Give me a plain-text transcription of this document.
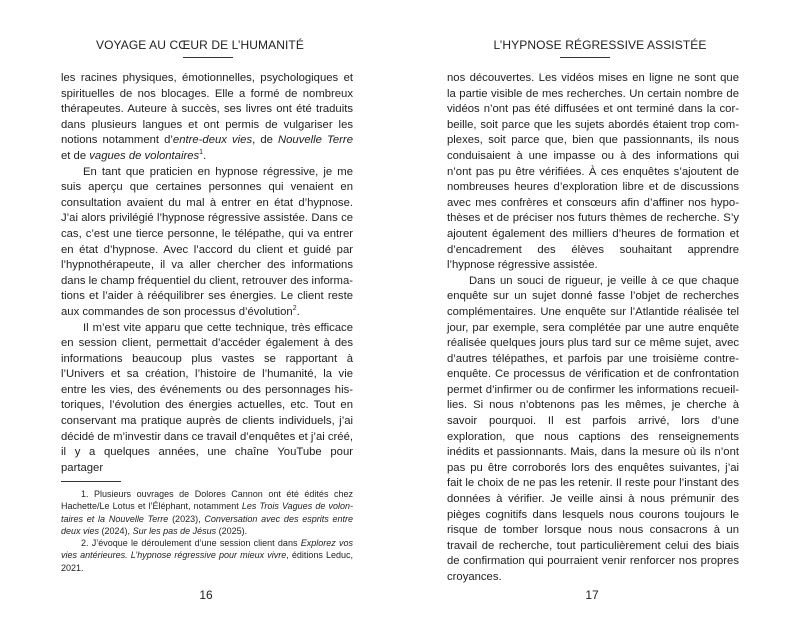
VOYAGE AU CŒUR DE L’HUMANITÉ

les racines physiques, émotionnelles, psychologiques et spirituelles de nos blocages. Elle a formé de nombreux thérapeutes. Auteure à succès, ses livres ont été traduits dans plusieurs langues et ont permis de vulgariser les notions notamment d’entre-deux vies, de Nouvelle Terre et de vagues de volontaires$^1$.

En tant que praticien en hypnose régressive, je me suis aperçu que certaines personnes qui venaient en consultation avaient du mal à entrer en état d’hypnose. J’ai alors privilégié l’hypnose régressive assistée. Dans ce cas, c’est une tierce personne, le télépathe, qui va entrer en état d’hypnose. Avec l’accord du client et guidé par l’hypnothérapeute, il va aller chercher des informations dans le champ fréquentiel du client, retrouver des informations et l’aider à rééquilibrer ses énergies. Le client reste aux commandes de son processus d’évolution$^2$.

Il m’est vite apparu que cette technique, très efficace en session client, permettait d’accéder également à des informations beaucoup plus vastes se rapportant à l’Univers et sa création, l’histoire de l’humanité, la vie entre les vies, des événements ou des personnages historiques, l’évolution des énergies actuelles, etc. Tout en conservant ma pratique auprès de clients individuels, j’ai décidé de m’investir dans ce travail d’enquêtes et j’ai créé, il y a quelques années, une chaîne YouTube pour partager

1. Plusieurs ouvrages de Dolores Cannon ont été édités chez Hachette/Le Lotus et l’Éléphant, notamment Les Trois Vagues de volontaires et la Nouvelle Terre (2023), Conversation avec des esprits entre deux vies (2024), Sur les pas de Jésus (2025).

2. J’évoque le déroulement d’une session client dans Explorez vos vies antérieures. L’hypnose régressive pour mieux vivre, éditions Leduc, 2021.

16
L’HYPNOSE RÉGRESSIVE ASSISTÉE

nos découvertes. Les vidéos mises en ligne ne sont que la partie visible de mes recherches. Un certain nombre de vidéos n’ont pas été diffusées et ont terminé dans la corbeille, soit parce que les sujets abordés étaient trop complexes, soit parce que, bien que passionnants, ils nous conduisaient à une impasse ou à des informations qui n’ont pas pu être vérifiées. À ces enquêtes s’ajoutent de nombreuses heures d’exploration libre et de discussions avec mes confrères et consœurs afin d’affiner nos hypothèses et de préciser nos futurs thèmes de recherche. S’y ajoutent également des milliers d’heures de formation et d’encadrement des élèves souhaitant apprendre l’hypnose régressive assistée.

Dans un souci de rigueur, je veille à ce que chaque enquête sur un sujet donné fasse l’objet de recherches complémentaires. Une enquête sur l’Atlantide réalisée tel jour, par exemple, sera complétée par une autre enquête réalisée quelques jours plus tard sur ce même sujet, avec d’autres télépathes, et parfois par une troisième contre-enquête. Ce processus de vérification et de confrontation permet d’infirmer ou de confirmer les informations recueillies. Si nous n’obtenons pas les mêmes, je cherche à savoir pourquoi. Il est parfois arrivé, lors d’une exploration, que nous captions des renseignements inédits et passionnants. Mais, dans la mesure où ils n’ont pas pu être corroborés lors des enquêtes suivantes, j’ai fait le choix de ne pas les retenir. Il reste pour l’instant des données à vérifier. Je veille ainsi à nous prémunir des pièges cognitifs dans lesquels nous courons toujours le risque de tomber lorsque nous nous consacrons à un travail de recherche, tout particulièrement celui des biais de confirmation qui pourraient venir renforcer nos propres croyances.

17
